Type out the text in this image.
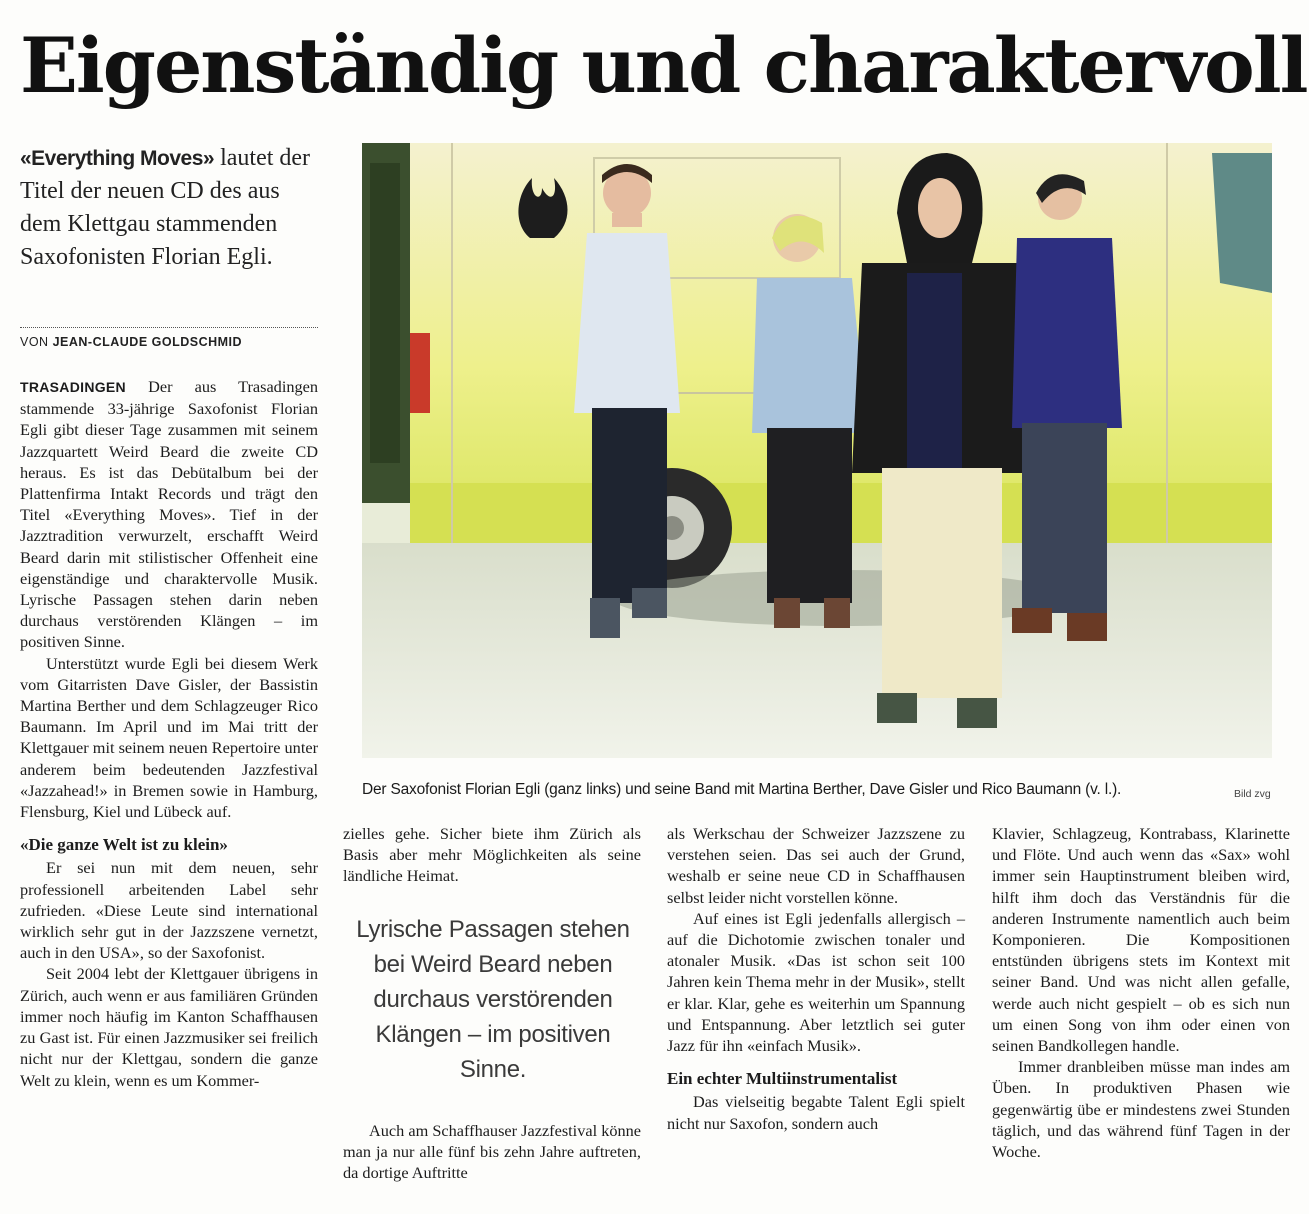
Eigenständig und charaktervoll

«Everything Moves» lautet der Titel der neuen CD des aus dem Klettgau stammenden Saxofonisten Florian Egli.

VON JEAN-CLAUDE GOLDSCHMID
Der Saxofonist Florian Egli (ganz links) und seine Band mit Martina Berther, Dave Gisler und Rico Baumann (v. l.).	Bild zvg

TRASADINGEN Der aus Trasadingen stammende 33-jährige Saxofonist Florian Egli gibt dieser Tage zusammen mit seinem Jazzquartett Weird Beard die zweite CD heraus. Es ist das Debütalbum bei der Plattenfirma Intakt Records und trägt den Titel «Everything Moves». Tief in der Jazztradition verwurzelt, erschafft Weird Beard darin mit stilistischer Offenheit eine eigenständige und charaktervolle Musik. Lyrische Passagen stehen darin neben durchaus verstörenden Klängen – im positiven Sinne.

Unterstützt wurde Egli bei diesem Werk vom Gitarristen Dave Gisler, der Bassistin Martina Berther und dem Schlagzeuger Rico Baumann. Im April und im Mai tritt der Klettgauer mit seinem neuen Repertoire unter anderem beim bedeutenden Jazzfestival «Jazzahead!» in Bremen sowie in Hamburg, Flensburg, Kiel und Lübeck auf.

«Die ganze Welt ist zu klein»

Er sei nun mit dem neuen, sehr professionell arbeitenden Label sehr zufrieden. «Diese Leute sind international wirklich sehr gut in der Jazzszene vernetzt, auch in den USA», so der Saxofonist.

Seit 2004 lebt der Klettgauer übrigens in Zürich, auch wenn er aus familiären Gründen immer noch häufig im Kanton Schaffhausen zu Gast ist. Für einen Jazzmusiker sei freilich nicht nur der Klettgau, sondern die ganze Welt zu klein, wenn es um Kommer-

zielles gehe. Sicher biete ihm Zürich als Basis aber mehr Möglichkeiten als seine ländliche Heimat.

Lyrische Passagen stehen bei Weird Beard neben durchaus verstörenden Klängen – im positiven Sinne.

Auch am Schaffhauser Jazzfestival könne man ja nur alle fünf bis zehn Jahre auftreten, da dortige Auftritte

als Werkschau der Schweizer Jazzszene zu verstehen seien. Das sei auch der Grund, weshalb er seine neue CD in Schaffhausen selbst leider nicht vorstellen könne.

Auf eines ist Egli jedenfalls allergisch – auf die Dichotomie zwischen tonaler und atonaler Musik. «Das ist schon seit 100 Jahren kein Thema mehr in der Musik», stellt er klar. Klar, gehe es weiterhin um Spannung und Entspannung. Aber letztlich sei guter Jazz für ihn «einfach Musik».

Ein echter Multiinstrumentalist

Das vielseitig begabte Talent Egli spielt nicht nur Saxofon, sondern auch

Klavier, Schlagzeug, Kontrabass, Klarinette und Flöte. Und auch wenn das «Sax» wohl immer sein Hauptinstrument bleiben wird, hilft ihm doch das Verständnis für die anderen Instrumente namentlich auch beim Komponieren. Die Kompositionen entstünden übrigens stets im Kontext mit seiner Band. Und was nicht allen gefalle, werde auch nicht gespielt – ob es sich nun um einen Song von ihm oder einen von seinen Bandkollegen handle.

Immer dranbleiben müsse man indes am Üben. In produktiven Phasen wie gegenwärtig übe er mindestens zwei Stunden täglich, und das während fünf Tagen in der Woche.
